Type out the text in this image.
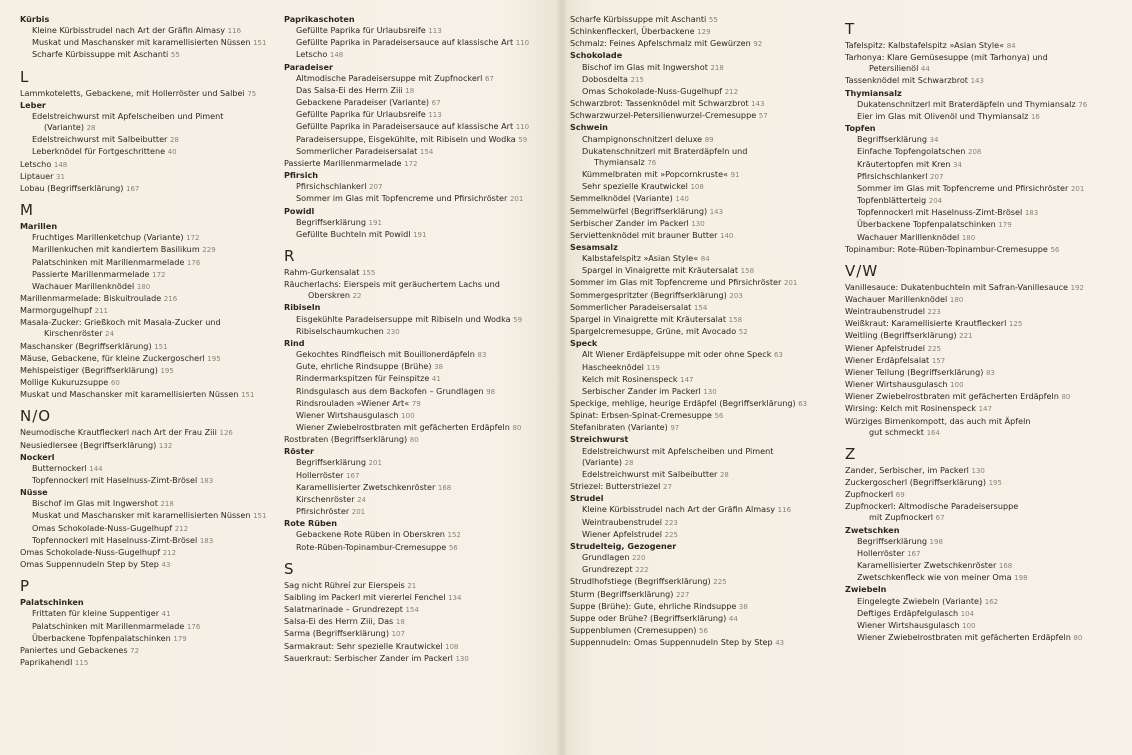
Kürbis
Kleine Kürbisstrudel nach Art der Gräfin Almasy 116
Muskat und Maschansker mit karamellisierten Nüssen 151
Scharfe Kürbissuppe mit Aschanti 55
L
Lammkoteletts, Gebackene, mit Hollerröster und Salbei 75
Leber
Edelstreichwurst mit Apfelscheiben und Piment
(Variante) 28
Edelstreichwurst mit Salbeibutter 28
Leberknödel für Fortgeschrittene 40
Letscho 148
Liptauer 31
Lobau (Begriffserklärung) 167
M
Marillen
Fruchtiges Marillenketchup (Variante) 172
Marillenkuchen mit kandiertem Basilikum 229
Palatschinken mit Marillenmarmelade 176
Passierte Marillenmarmelade 172
Wachauer Marillenknödel 180
Marillenmarmelade: Biskuitroulade 216
Marmorgugelhupf 211
Masala-Zucker: Grießkoch mit Masala-Zucker und
Kirschenröster 24
Maschansker (Begriffserklärung) 151
Mäuse, Gebackene, für kleine Zuckergoscherl 195
Mehlspeistiger (Begriffserklärung) 195
Mollige Kukuruzsuppe 60
Muskat und Maschansker mit karamellisierten Nüssen 151
N/O
Neumodische Krautfleckerl nach Art der Frau Ziii 126
Neusiedlersee (Begriffserklärung) 132
Nockerl
Butternockerl 144
Topfennockerl mit Haselnuss-Zimt-Brösel 183
Nüsse
Bischof im Glas mit Ingwershot 218
Muskat und Maschansker mit karamellisierten Nüssen 151
Omas Schokolade-Nuss-Gugelhupf 212
Topfennockerl mit Haselnuss-Zimt-Brösel 183
Omas Schokolade-Nuss-Gugelhupf 212
Omas Suppennudeln Step by Step 43
P
Palatschinken
Frittaten für kleine Suppentiger 41
Palatschinken mit Marillenmarmelade 176
Überbackene Topfenpalatschinken 179
Paniertes und Gebackenes 72
Paprikahendl 115
Paprikaschoten
Gefüllte Paprika für Urlaubsreife 113
Gefüllte Paprika in Paradeisersauce auf klassische Art 110
Letscho 148
Paradeiser
Altmodische Paradeisersuppe mit Zupfnockerl 67
Das Salsa-Ei des Herrn Ziii 18
Gebackene Paradeiser (Variante) 67
Gefüllte Paprika für Urlaubsreife 113
Gefüllte Paprika in Paradeisersauce auf klassische Art 110
Paradeisersuppe, Eisgekühlte, mit Ribiseln und Wodka 59
Sommerlicher Paradeisersalat 154
Passierte Marillenmarmelade 172
Pfirsich
Pfirsichschlankerl 207
Sommer im Glas mit Topfencreme und Pfirsichröster 201
Powidl
Begriffserklärung 191
Gefüllte Buchteln mit Powidl 191
R
Rahm-Gurkensalat 155
Räucherlachs: Eierspeis mit geräuchertem Lachs und
Oberskren 22
Ribiseln
Eisgekühlte Paradeisersuppe mit Ribiseln und Wodka 59
Ribiselschaumkuchen 230
Rind
Gekochtes Rindfleisch mit Bouillonerdäpfeln 83
Gute, ehrliche Rindsuppe (Brühe) 38
Rindermarkspitzen für Feinspitze 41
Rindsgulasch aus dem Backofen – Grundlagen 98
Rindsrouladen »Wiener Art« 79
Wiener Wirtshausgulasch 100
Wiener Zwiebelrostbraten mit gefächerten Erdäpfeln 80
Rostbraten (Begriffserklärung) 80
Röster
Begriffserklärung 201
Hollerröster 167
Karamellisierter Zwetschkenröster 168
Kirschenröster 24
Pfirsichröster 201
Rote Rüben
Gebackene Rote Rüben in Oberskren 152
Rote-Rüben-Topinambur-Cremesuppe 56
S
Sag nicht Rühreí zur Eierspeis 21
Saibling im Packerl mit viererlei Fenchel 134
Salatmarinade – Grundrezept 154
Salsa-Ei des Herrn Ziii, Das 18
Sarma (Begriffserklärung) 107
Sarmakraut: Sehr spezielle Krautwickel 108
Sauerkraut: Serbischer Zander im Packerl 130
Scharfe Kürbissuppe mit Aschanti 55
Schinkenfleckerl, Überbackene 129
Schmalz: Feines Apfelschmalz mit Gewürzen 92
Schokolade
Bischof im Glas mit Ingwershot 218
Dobosdelta 215
Omas Schokolade-Nuss-Gugelhupf 212
Schwarzbrot: Tassenknödel mit Schwarzbrot 143
Schwarzwurzel-Petersilienwurzel-Cremesuppe 57
Schwein
Champignonschnitzerl deluxe 89
Dukatenschnitzerl mit Braterdäpfeln und
Thymiansalz 76
Kümmelbraten mit »Popcornkruste« 91
Sehr spezielle Krautwickel 108
Semmelknödel (Variante) 140
Semmelwürfel (Begriffserklärung) 143
Serbischer Zander im Packerl 130
Serviettenknödel mit brauner Butter 140
Sesamsalz
Kalbstafelspitz »Asian Style« 84
Spargel in Vinaigrette mit Kräutersalat 158
Sommer im Glas mit Topfencreme und Pfirsichröster 201
Sommergespritzter (Begriffserklärung) 203
Sommerlicher Paradeisersalat 154
Spargel in Vinaigrette mit Kräutersalat 158
Spargelcremesuppe, Grüne, mit Avocado 52
Speck
Alt Wiener Erdäpfelsuppe mit oder ohne Speck 63
Hascheeknödel 119
Kelch mit Rosinenspeck 147
Serbischer Zander im Packerl 130
Speckige, mehlige, heurige Erdäpfel (Begriffserklärung) 63
Spinat: Erbsen-Spinat-Cremesuppe 56
Stefanibraten (Variante) 97
Streichwurst
Edelstreichwurst mit Apfelscheiben und Piment
(Variante) 28
Edelstreichwurst mit Salbeibutter 28
Striezel: Butterstriezel 27
Strudel
Kleine Kürbisstrudel nach Art der Gräfin Almasy 116
Weintraubenstrudel 223
Wiener Apfelstrudel 225
Strudelteig, Gezogener
Grundlagen 220
Grundrezept 222
Strudlhofstiege (Begriffserklärung) 225
Sturm (Begriffserklärung) 227
Suppe (Brühe): Gute, ehrliche Rindsuppe 38
Suppe oder Brühe? (Begriffserklärung) 44
Suppenblumen (Cremesuppen) 56
Suppennudeln: Omas Suppennudeln Step by Step 43
T
Tafelspitz: Kalbstafelspitz »Asian Style« 84
Tarhonya: Klare Gemüsesuppe (mit Tarhonya) und
Petersilienöl 44
Tassenknödel mit Schwarzbrot 143
Thymiansalz
Dukatenschnitzerl mit Braterdäpfeln und Thymiansalz 76
Eier im Glas mit Olivenöl und Thymiansalz 16
Topfen
Begriffserklärung 34
Einfache Topfengolatschen 208
Kräutertopfen mit Kren 34
Pfirsichschlankerl 207
Sommer im Glas mit Topfencreme und Pfirsichröster 201
Topfenblätterteig 204
Topfennockerl mit Haselnuss-Zimt-Brösel 183
Überbackene Topfenpalatschinken 179
Wachauer Marillenknödel 180
Topinambur: Rote-Rüben-Topinambur-Cremesuppe 56
V/W
Vanillesauce: Dukatenbuchteln mit Safran-Vanillesauce 192
Wachauer Marillenknödel 180
Weintraubenstrudel 223
Weißkraut: Karamellisierte Krautfleckerl 125
Weitling (Begriffserklärung) 221
Wiener Apfelstrudel 225
Wiener Erdäpfelsalat 157
Wiener Teilung (Begriffserklärung) 83
Wiener Wirtshausgulasch 100
Wiener Zwiebelrostbraten mit gefächerten Erdäpfeln 80
Wirsing: Kelch mit Rosinenspeck 147
Würziges Birnenkompott, das auch mit Äpfeln
gut schmeckt 164
Z
Zander, Serbischer, im Packerl 130
Zuckergoscherl (Begriffserklärung) 195
Zupfnockerl 69
Zupfnockerl: Altmodische Paradeisersuppe
mit Zupfnockerl 67
Zwetschken
Begriffserklärung 198
Hollerröster 167
Karamellisierter Zwetschkenröster 168
Zwetschkenfleck wie von meiner Oma 198
Zwiebeln
Eingelegte Zwiebeln (Variante) 162
Deftiges Erdäpfelgulasch 104
Wiener Wirtshausgulasch 100
Wiener Zwiebelrostbraten mit gefächerten Erdäpfeln 80
